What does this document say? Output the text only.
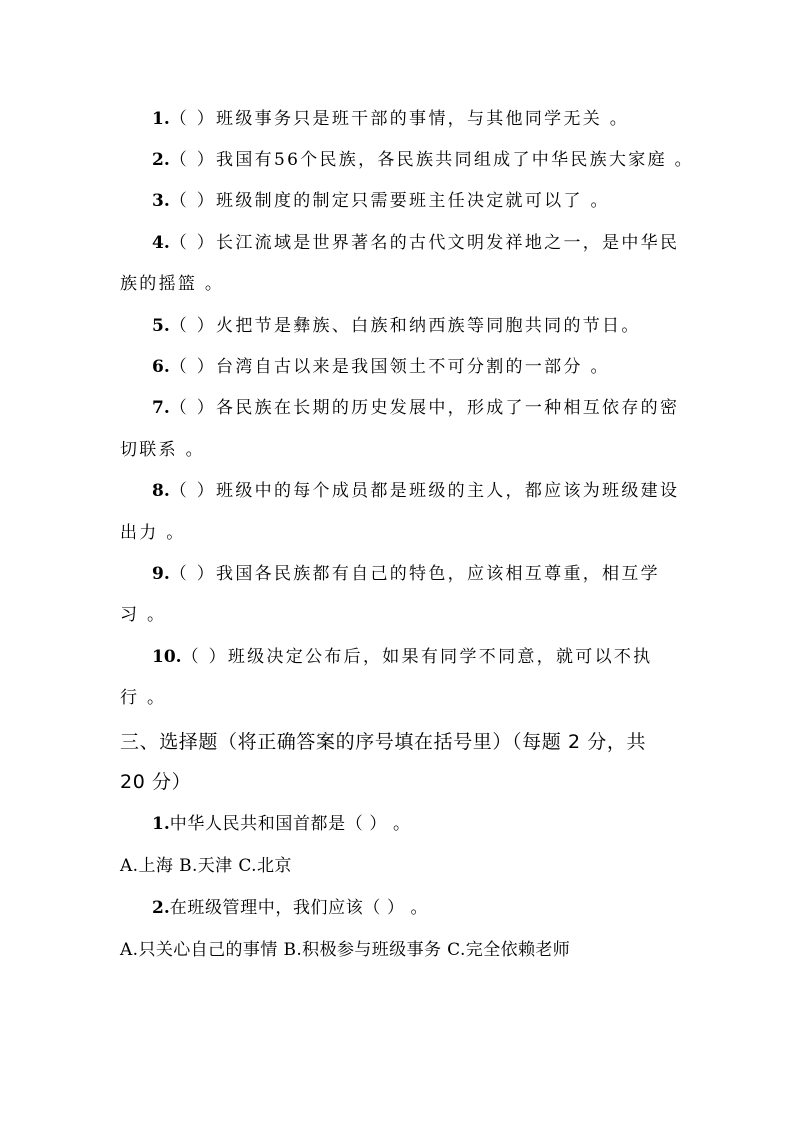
1.（ ）班级事务只是班干部的事情，与其他同学无关 。
2.（ ）我国有56个民族，各民族共同组成了中华民族大家庭 。
3.（ ）班级制度的制定只需要班主任决定就可以了 。
4.（ ）长江流域是世界著名的古代文明发祥地之一，是中华民
族的摇篮 。
5.（ ）火把节是彝族、白族和纳西族等同胞共同的节日。
6.（ ）台湾自古以来是我国领土不可分割的一部分 。
7.（ ）各民族在长期的历史发展中，形成了一种相互依存的密
切联系 。
8.（ ）班级中的每个成员都是班级的主人，都应该为班级建设
出力 。
9.（ ）我国各民族都有自己的特色，应该相互尊重，相互学
习 。
10.（ ）班级决定公布后，如果有同学不同意，就可以不执
行 。
三、选择题（将正确答案的序号填在括号里）（每题 2 分，共
20 分）
1.中华人民共和国首都是（ ） 。
A.上海 B.天津 C.北京
2.在班级管理中，我们应该（ ） 。
A.只关心自己的事情 B.积极参与班级事务 C.完全依赖老师
